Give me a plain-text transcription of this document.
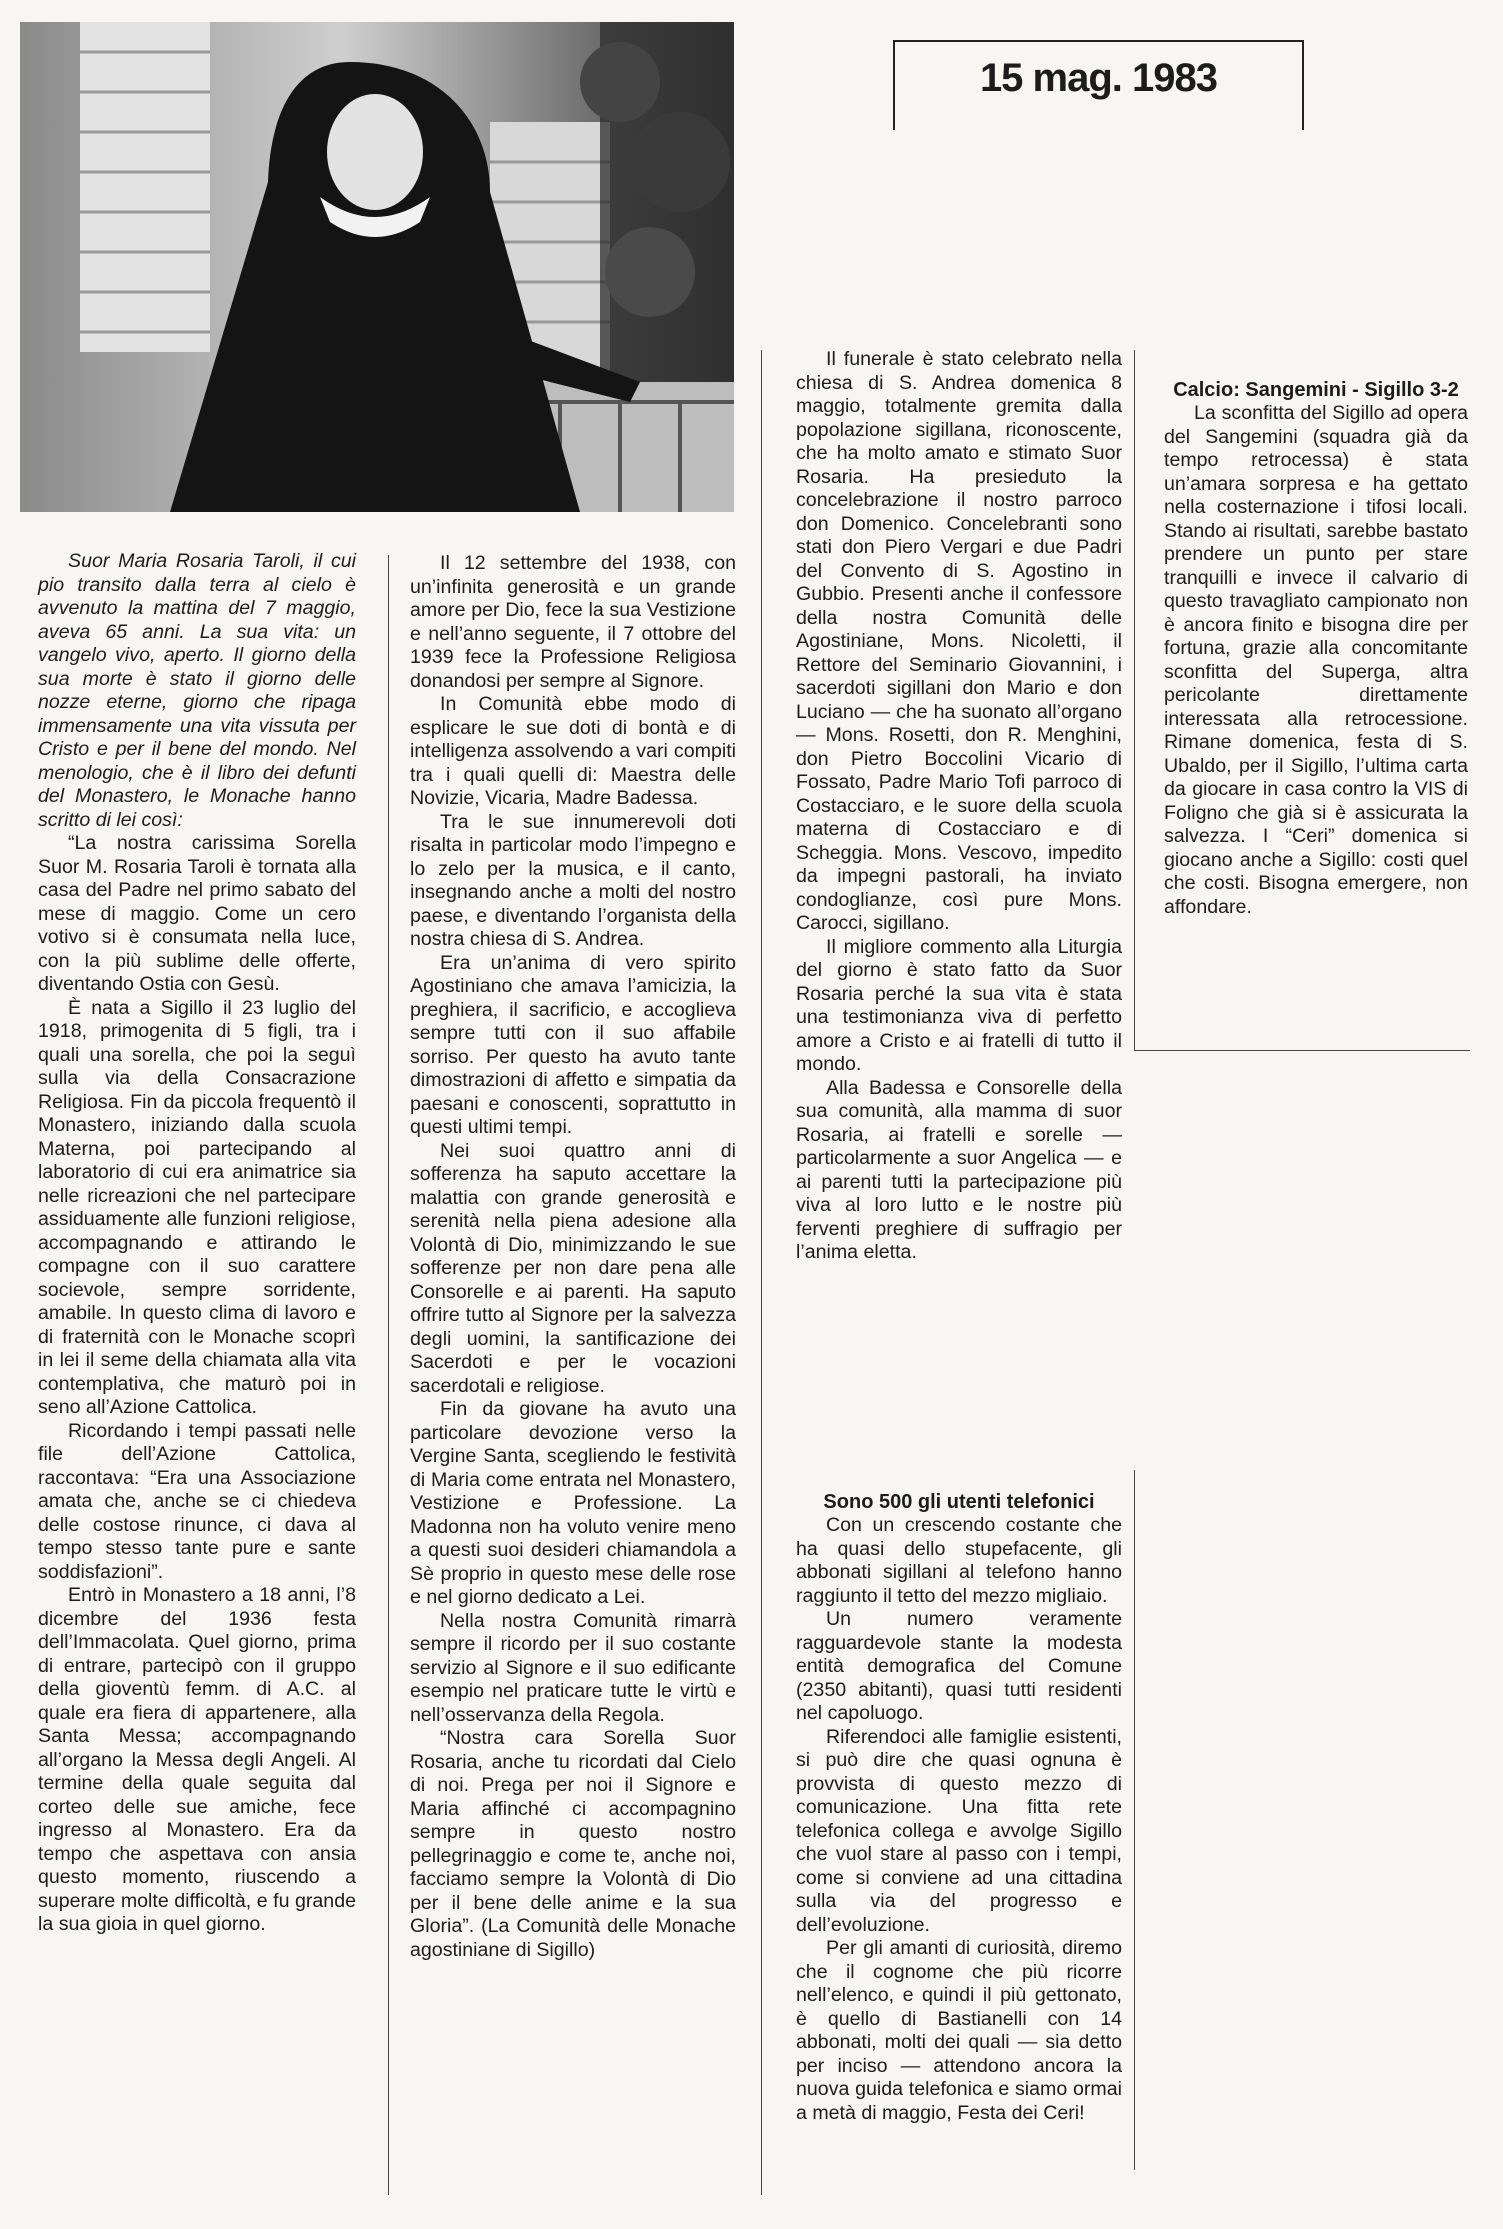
15 mag. 1983

Suor Maria Rosaria Taroli, il cui pio transito dalla terra al cielo è avvenuto la mattina del 7 maggio, aveva 65 anni. La sua vita: un vangelo vivo, aperto. Il giorno della sua morte è stato il giorno delle nozze eterne, giorno che ripaga immensamente una vita vissuta per Cristo e per il bene del mondo. Nel menologio, che è il libro dei defunti del Monastero, le Monache hanno scritto di lei così:

“La nostra carissima Sorella Suor M. Rosaria Taroli è tornata alla casa del Padre nel primo sabato del mese di maggio. Come un cero votivo si è consumata nella luce, con la più sublime delle offerte, diventando Ostia con Gesù.

È nata a Sigillo il 23 luglio del 1918, primogenita di 5 figli, tra i quali una sorella, che poi la seguì sulla via della Consacrazione Religiosa. Fin da piccola frequentò il Monastero, iniziando dalla scuola Materna, poi partecipando al laboratorio di cui era animatrice sia nelle ricreazioni che nel partecipare assiduamente alle funzioni religiose, accompagnando e attirando le compagne con il suo carattere socievole, sempre sorridente, amabile. In questo clima di lavoro e di fraternità con le Monache scoprì in lei il seme della chiamata alla vita contemplativa, che maturò poi in seno all’Azione Cattolica.

Ricordando i tempi passati nelle file dell’Azione Cattolica, raccontava: “Era una Associazione amata che, anche se ci chiedeva delle costose rinunce, ci dava al tempo stesso tante pure e sante soddisfazioni”.

Entrò in Monastero a 18 anni, l’8 dicembre del 1936 festa dell’Immacolata. Quel giorno, prima di entrare, partecipò con il gruppo della gioventù femm. di A.C. al quale era fiera di appartenere, alla Santa Messa; accompagnando all’organo la Messa degli Angeli. Al termine della quale seguita dal corteo delle sue amiche, fece ingresso al Monastero. Era da tempo che aspettava con ansia questo momento, riuscendo a superare molte difficoltà, e fu grande la sua gioia in quel giorno.

Il 12 settembre del 1938, con un’infinita generosità e un grande amore per Dio, fece la sua Vestizione e nell’anno seguente, il 7 ottobre del 1939 fece la Professione Religiosa donandosi per sempre al Signore.

In Comunità ebbe modo di esplicare le sue doti di bontà e di intelligenza assolvendo a vari compiti tra i quali quelli di: Maestra delle Novizie, Vicaria, Madre Badessa.

Tra le sue innumerevoli doti risalta in particolar modo l’impegno e lo zelo per la musica, e il canto, insegnando anche a molti del nostro paese, e diventando l’organista della nostra chiesa di S. Andrea.

Era un’anima di vero spirito Agostiniano che amava l’amicizia, la preghiera, il sacrificio, e accoglieva sempre tutti con il suo affabile sorriso. Per questo ha avuto tante dimostrazioni di affetto e simpatia da paesani e conoscenti, soprattutto in questi ultimi tempi.

Nei suoi quattro anni di sofferenza ha saputo accettare la malattia con grande generosità e serenità nella piena adesione alla Volontà di Dio, minimizzando le sue sofferenze per non dare pena alle Consorelle e ai parenti. Ha saputo offrire tutto al Signore per la salvezza degli uomini, la santificazione dei Sacerdoti e per le vocazioni sacerdotali e religiose.

Fin da giovane ha avuto una particolare devozione verso la Vergine Santa, scegliendo le festività di Maria come entrata nel Monastero, Vestizione e Professione. La Madonna non ha voluto venire meno a questi suoi desideri chiamandola a Sè proprio in questo mese delle rose e nel giorno dedicato a Lei.

Nella nostra Comunità rimarrà sempre il ricordo per il suo costante servizio al Signore e il suo edificante esempio nel praticare tutte le virtù e nell’osservanza della Regola.

“Nostra cara Sorella Suor Rosaria, anche tu ricordati dal Cielo di noi. Prega per noi il Signore e Maria affinché ci accompagnino sempre in questo nostro pellegrinaggio e come te, anche noi, facciamo sempre la Volontà di Dio per il bene delle anime e la sua Gloria”. (La Comunità delle Monache agostiniane di Sigillo)

Il funerale è stato celebrato nella chiesa di S. Andrea domenica 8 maggio, totalmente gremita dalla popolazione sigillana, riconoscente, che ha molto amato e stimato Suor Rosaria. Ha presieduto la concelebrazione il nostro parroco don Domenico. Concelebranti sono stati don Piero Vergari e due Padri del Convento di S. Agostino in Gubbio. Presenti anche il confessore della nostra Comunità delle Agostiniane, Mons. Nicoletti, il Rettore del Seminario Giovannini, i sacerdoti sigillani don Mario e don Luciano — che ha suonato all’organo — Mons. Rosetti, don R. Menghini, don Pietro Boccolini Vicario di Fossato, Padre Mario Tofi parroco di Costacciaro, e le suore della scuola materna di Costacciaro e di Scheggia. Mons. Vescovo, impedito da impegni pastorali, ha inviato condoglianze, così pure Mons. Carocci, sigillano.

Il migliore commento alla Liturgia del giorno è stato fatto da Suor Rosaria perché la sua vita è stata una testimonianza viva di perfetto amore a Cristo e ai fratelli di tutto il mondo.

Alla Badessa e Consorelle della sua comunità, alla mamma di suor Rosaria, ai fratelli e sorelle — particolarmente a suor Angelica — e ai parenti tutti la partecipazione più viva al loro lutto e le nostre più ferventi preghiere di suffragio per l’anima eletta.

Calcio: Sangemini - Sigillo 3-2

La sconfitta del Sigillo ad opera del Sangemini (squadra già da tempo retrocessa) è stata un’amara sorpresa e ha gettato nella costernazione i tifosi locali. Stando ai risultati, sarebbe bastato prendere un punto per stare tranquilli e invece il calvario di questo travagliato campionato non è ancora finito e bisogna dire per fortuna, grazie alla concomitante sconfitta del Superga, altra pericolante direttamente interessata alla retrocessione. Rimane domenica, festa di S. Ubaldo, per il Sigillo, l’ultima carta da giocare in casa contro la VIS di Foligno che già si è assicurata la salvezza. I “Ceri” domenica si giocano anche a Sigillo: costi quel che costi. Bisogna emergere, non affondare.

Sono 500 gli utenti telefonici

Con un crescendo costante che ha quasi dello stupefacente, gli abbonati sigillani al telefono hanno raggiunto il tetto del mezzo migliaio.

Un numero veramente ragguardevole stante la modesta entità demografica del Comune (2350 abitanti), quasi tutti residenti nel capoluogo.

Riferendoci alle famiglie esistenti, si può dire che quasi ognuna è provvista di questo mezzo di comunicazione. Una fitta rete telefonica collega e avvolge Sigillo che vuol stare al passo con i tempi, come si conviene ad una cittadina sulla via del progresso e dell’evoluzione.

Per gli amanti di curiosità, diremo che il cognome che più ricorre nell’elenco, e quindi il più gettonato, è quello di Bastianelli con 14 abbonati, molti dei quali — sia detto per inciso — attendono ancora la nuova guida telefonica e siamo ormai a metà di maggio, Festa dei Ceri!
